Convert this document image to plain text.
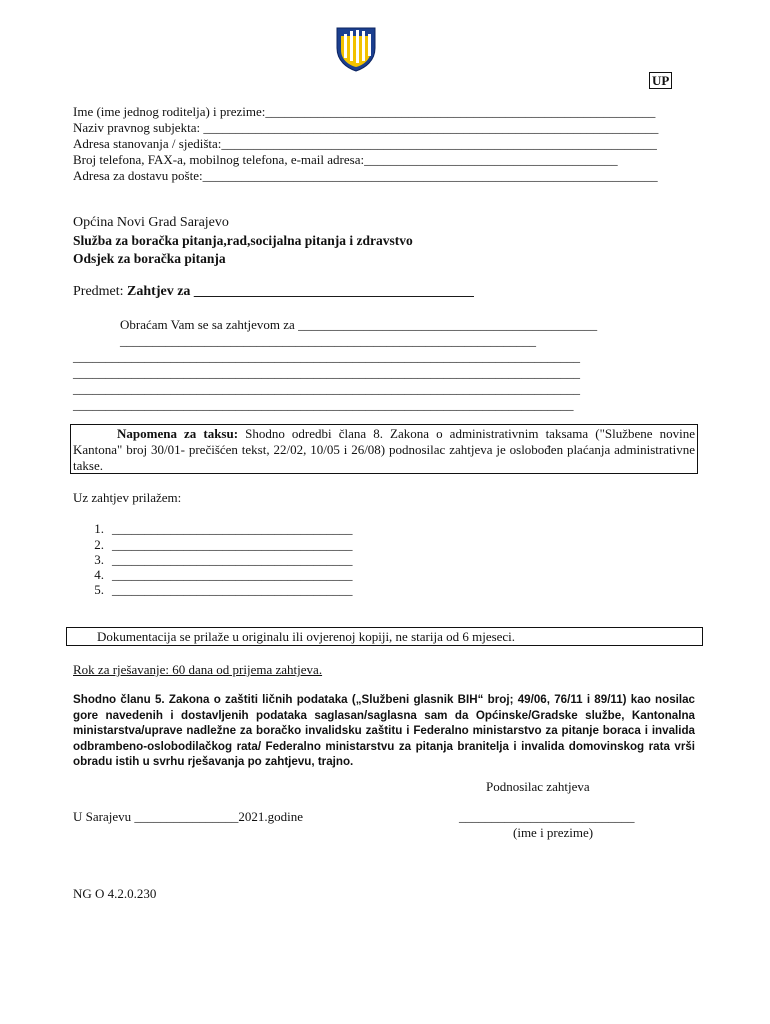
UP
Ime (ime jednog roditelja) i prezime:____________________________________________________________
Naziv pravnog subjekta: ______________________________________________________________________
Adresa stanovanja / sjedišta:___________________________________________________________________
Broj telefona, FAX-a, mobilnog telefona, e-mail adresa:_______________________________________
Adresa za dostavu pošte:______________________________________________________________________
Općina Novi Grad Sarajevo
Služba za boračka pitanja,rad,socijalna pitanja i zdravstvo
Odsjek za boračka pitanja
Predmet: Zahtjev za ________________________________________
Obraćam Vam se sa zahtjevom za ______________________________________________
________________________________________________________________
______________________________________________________________________________
______________________________________________________________________________
______________________________________________________________________________
_____________________________________________________________________________
Napomena za taksu: Shodno odredbi člana 8. Zakona o administrativnim taksama ("Službene novine Kantona" broj 30/01- prečišćen tekst, 22/02, 10/05 i 26/08) podnosilac zahtjeva je oslobođen plaćanja administrativne takse.
Uz zahtjev prilažem:
1. _____________________________________
2. _____________________________________
3. _____________________________________
4. _____________________________________
5. _____________________________________
Dokumentacija se prilaže u originalu ili ovjerenoj kopiji, ne starija od 6 mjeseci.
Rok za rješavanje: 60 dana od prijema zahtjeva.
Shodno članu 5. Zakona o zaštiti ličnih podataka („Službeni glasnik BIH“ broj; 49/06, 76/11 i 89/11) kao nosilac gore navedenih i dostavljenih podataka saglasan/saglasna sam da Općinske/Gradske službe, Kantonalna ministarstva/uprave nadležne za boračko invalidsku zaštitu i Federalno ministarstvo za pitanje boraca i invalida odbrambeno-oslobodilačkog rata/ Federalno ministarstvu za pitanja branitelja i invalida domovinskog rata vrši obradu istih u svrhu rješavanja po zahtjevu, trajno.
Podnosilac zahtjeva
U Sarajevu ________________2021.godine	___________________________
(ime i prezime)
NG O 4.2.0.230
